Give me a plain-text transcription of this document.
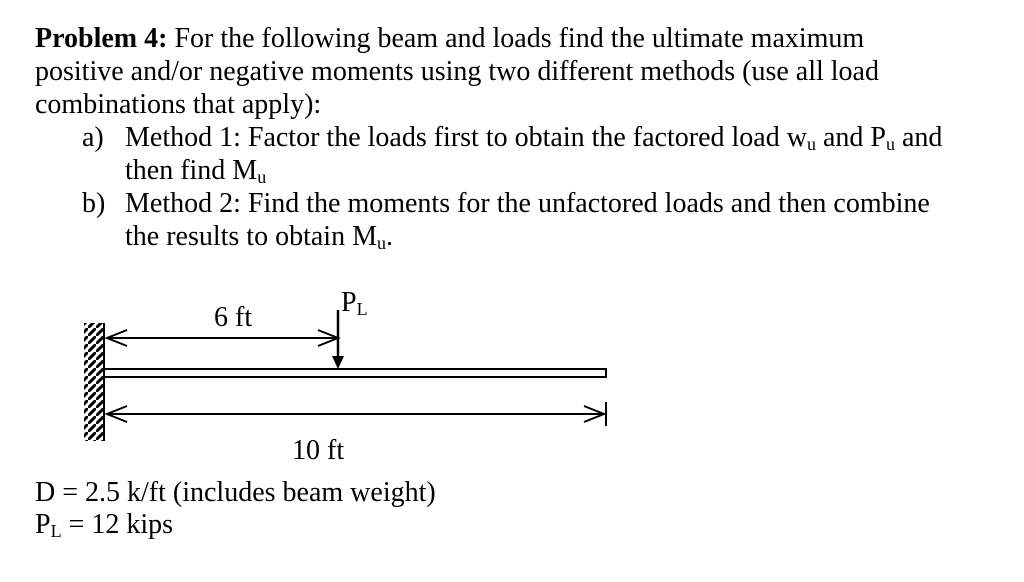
Problem 4: For the following beam and loads find the ultimate maximum

positive and/or negative moments using two different methods (use all load

combinations that apply):

a) Method 1: Factor the loads first to obtain the factored load $w_u$ and $P_u$ and

then find $M_u$

b) Method 2: Find the moments for the unfactored loads and then combine

the results to obtain $M_u$.

$P_L$
6 ft
10 ft
D = 2.5 k/ft (includes beam weight)
$P_L = 12$ kips
